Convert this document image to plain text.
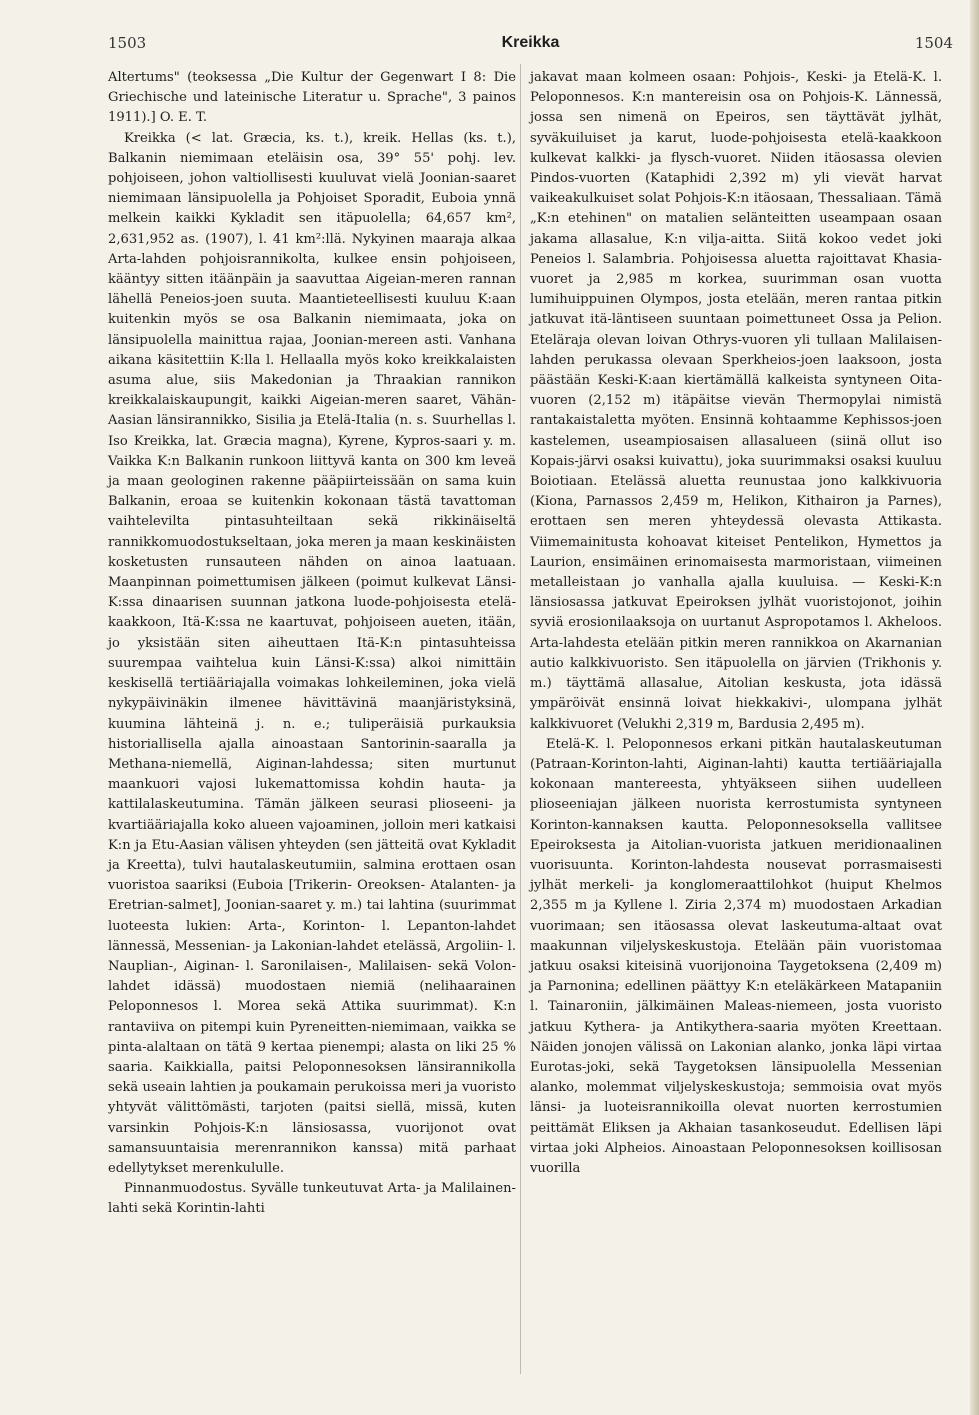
1503	Kreikka	1504

Altertums" (teoksessa „Die Kultur der Gegenwart I 8: Die Griechische und lateinische Literatur u. Sprache", 3 painos 1911).] O. E. T.

Kreikka (< lat. Græcia, ks. t.), kreik. Hellas (ks. t.), Balkanin niemimaan eteläisin osa, 39° 55' pohj. lev. pohjoiseen, johon valtiollisesti kuuluvat vielä Joonian-saaret niemimaan länsipuolella ja Pohjoiset Sporadit, Euboia ynnä melkein kaikki Kykladit sen itäpuolella; 64,657 km², 2,631,952 as. (1907), l. 41 km²:llä. Nykyinen maaraja alkaa Arta-lahden pohjoisrannikolta, kulkee ensin pohjoiseen, kääntyy sitten itäänpäin ja saavuttaa Aigeian-meren rannan lähellä Peneios-joen suuta. Maantieteellisesti kuuluu K:aan kuitenkin myös se osa Balkanin niemimaata, joka on länsipuolella mainittua rajaa, Joonian-mereen asti. Vanhana aikana käsitettiin K:lla l. Hellaalla myös koko kreikkalaisten asuma alue, siis Makedonian ja Thraakian rannikon kreikkalaiskaupungit, kaikki Aigeian-meren saaret, Vähän-Aasian länsirannikko, Sisilia ja Etelä-Italia (n. s. Suurhellas l. Iso Kreikka, lat. Græcia magna), Kyrene, Kypros-saari y. m. Vaikka K:n Balkanin runkoon liittyvä kanta on 300 km leveä ja maan geologinen rakenne pääpiirteissään on sama kuin Balkanin, eroaa se kuitenkin kokonaan tästä tavattoman vaihtelevilta pintasuhteiltaan sekä rikkinäiseltä rannikkomuodostukseltaan, joka meren ja maan keskinäisten kosketusten runsauteen nähden on ainoa laatuaan. Maanpinnan poimettumisen jälkeen (poimut kulkevat Länsi-K:ssa dinaarisen suunnan jatkona luode-pohjoisesta etelä-kaakkoon, Itä-K:ssa ne kaartuvat, pohjoiseen aueten, itään, jo yksistään siten aiheuttaen Itä-K:n pintasuhteissa suurempaa vaihtelua kuin Länsi-K:ssa) alkoi nimittäin keskisellä tertiääriajalla voimakas lohkeileminen, joka vielä nykypäivinäkin ilmenee hävittävinä maanjäristyksinä, kuumina lähteinä j. n. e.; tuliperäisiä purkauksia historiallisella ajalla ainoastaan Santorinin-saaralla ja Methana-niemellä, Aiginan-lahdessa; siten murtunut maankuori vajosi lukemattomissa kohdin hauta- ja kattilalaskeutumina. Tämän jälkeen seurasi plioseeni- ja kvartiääriajalla koko alueen vajoaminen, jolloin meri katkaisi K:n ja Etu-Aasian välisen yhteyden (sen jätteitä ovat Kykladit ja Kreetta), tulvi hautalaskeutumiin, salmina erottaen osan vuoristoa saariksi (Euboia [Trikerin- Oreoksen- Atalanten- ja Eretrian-salmet], Joonian-saaret y. m.) tai lahtina (suurimmat luoteesta lukien: Arta-, Korinton- l. Lepanton-lahdet lännessä, Messenian- ja Lakonian-lahdet etelässä, Argoliin- l. Nauplian-, Aiginan- l. Saronilaisen-, Malilaisen- sekä Volon-lahdet idässä) muodostaen niemiä (nelihaarainen Peloponnesos l. Morea sekä Attika suurimmat). K:n rantaviiva on pitempi kuin Pyreneitten-niemimaan, vaikka se pinta-alaltaan on tätä 9 kertaa pienempi; alasta on liki 25 % saaria. Kaikkialla, paitsi Peloponnesoksen länsirannikolla sekä useain lahtien ja poukamain perukoissa meri ja vuoristo yhtyvät välittömästi, tarjoten (paitsi siellä, missä, kuten varsinkin Pohjois-K:n länsiosassa, vuorijonot ovat samansuuntaisia merenrannikon kanssa) mitä parhaat edellytykset merenkululle.

Pinnanmuodostus. Syvälle tunkeutuvat Arta- ja Malilainen-lahti sekä Korintin-lahti

jakavat maan kolmeen osaan: Pohjois-, Keski- ja Etelä-K. l. Peloponnesos. K:n mantereisin osa on Pohjois-K. Lännessä, jossa sen nimenä on Epeiros, sen täyttävät jylhät, syväkuiluiset ja karut, luode-pohjoisesta etelä-kaakkoon kulkevat kalkki- ja flysch-vuoret. Niiden itäosassa olevien Pindos-vuorten (Kataphidi 2,392 m) yli vievät harvat vaikeakulkuiset solat Pohjois-K:n itäosaan, Thessaliaan. Tämä „K:n etehinen" on matalien selänteitten useampaan osaan jakama allasalue, K:n vilja-aitta. Siitä kokoo vedet joki Peneios l. Salambria. Pohjoisessa aluetta rajoittavat Khasia-vuoret ja 2,985 m korkea, suurimman osan vuotta lumihuippuinen Olympos, josta etelään, meren rantaa pitkin jatkuvat itä-läntiseen suuntaan poimettuneet Ossa ja Pelion. Eteläraja olevan loivan Othrys-vuoren yli tullaan Malilaisen-lahden perukassa olevaan Sperkheios-joen laaksoon, josta päästään Keski-K:aan kiertämällä kalkeista syntyneen Oita-vuoren (2,152 m) itäpäitse vievän Thermopylai nimistä rantakaistaletta myöten. Ensinnä kohtaamme Kephissos-joen kastelemen, useampiosaisen allasalueen (siinä ollut iso Kopais-järvi osaksi kuivattu), joka suurimmaksi osaksi kuuluu Boiotiaan. Etelässä aluetta reunustaa jono kalkkivuoria (Kiona, Parnassos 2,459 m, Helikon, Kithairon ja Parnes), erottaen sen meren yhteydessä olevasta Attikasta. Viimemainitusta kohoavat kiteiset Pentelikon, Hymettos ja Laurion, ensimäinen erinomaisesta marmoristaan, viimeinen metalleistaan jo vanhalla ajalla kuuluisa. — Keski-K:n länsiosassa jatkuvat Epeiroksen jylhät vuoristojonot, joihin syviä erosionilaaksoja on uurtanut Aspropotamos l. Akheloos. Arta-lahdesta etelään pitkin meren rannikkoa on Akarnanian autio kalkkivuoristo. Sen itäpuolella on järvien (Trikhonis y. m.) täyttämä allasalue, Aitolian keskusta, jota idässä ympäröivät ensinnä loivat hiekkakivi-, ulompana jylhät kalkkivuoret (Velukhi 2,319 m, Bardusia 2,495 m).

Etelä-K. l. Peloponnesos erkani pitkän hautalaskeutuman (Patraan-Korinton-lahti, Aiginan-lahti) kautta tertiääriajalla kokonaan mantereesta, yhtyäkseen siihen uudelleen plioseeniajan jälkeen nuorista kerrostumista syntyneen Korinton-kannaksen kautta. Peloponnesoksella vallitsee Epeiroksesta ja Aitolian-vuorista jatkuen meridionaalinen vuorisuunta. Korinton-lahdesta nousevat porrasmaisesti jylhät merkeli- ja konglomeraattilohkot (huiput Khelmos 2,355 m ja Kyllene l. Ziria 2,374 m) muodostaen Arkadian vuorimaan; sen itäosassa olevat laskeutuma-altaat ovat maakunnan viljelyskeskustoja. Etelään päin vuoristomaa jatkuu osaksi kiteisinä vuorijonoina Taygetoksena (2,409 m) ja Parnonina; edellinen päättyy K:n eteläkärkeen Matapaniin l. Tainaroniin, jälkimäinen Maleas-niemeen, josta vuoristo jatkuu Kythera- ja Antikythera-saaria myöten Kreettaan. Näiden jonojen välissä on Lakonian alanko, jonka läpi virtaa Eurotas-joki, sekä Taygetoksen länsipuolella Messenian alanko, molemmat viljelyskeskustoja; semmoisia ovat myös länsi- ja luoteisrannikoilla olevat nuorten kerrostumien peittämät Eliksen ja Akhaian tasankoseudut. Edellisen läpi virtaa joki Alpheios. Ainoastaan Peloponnesoksen koillisosan vuorilla
